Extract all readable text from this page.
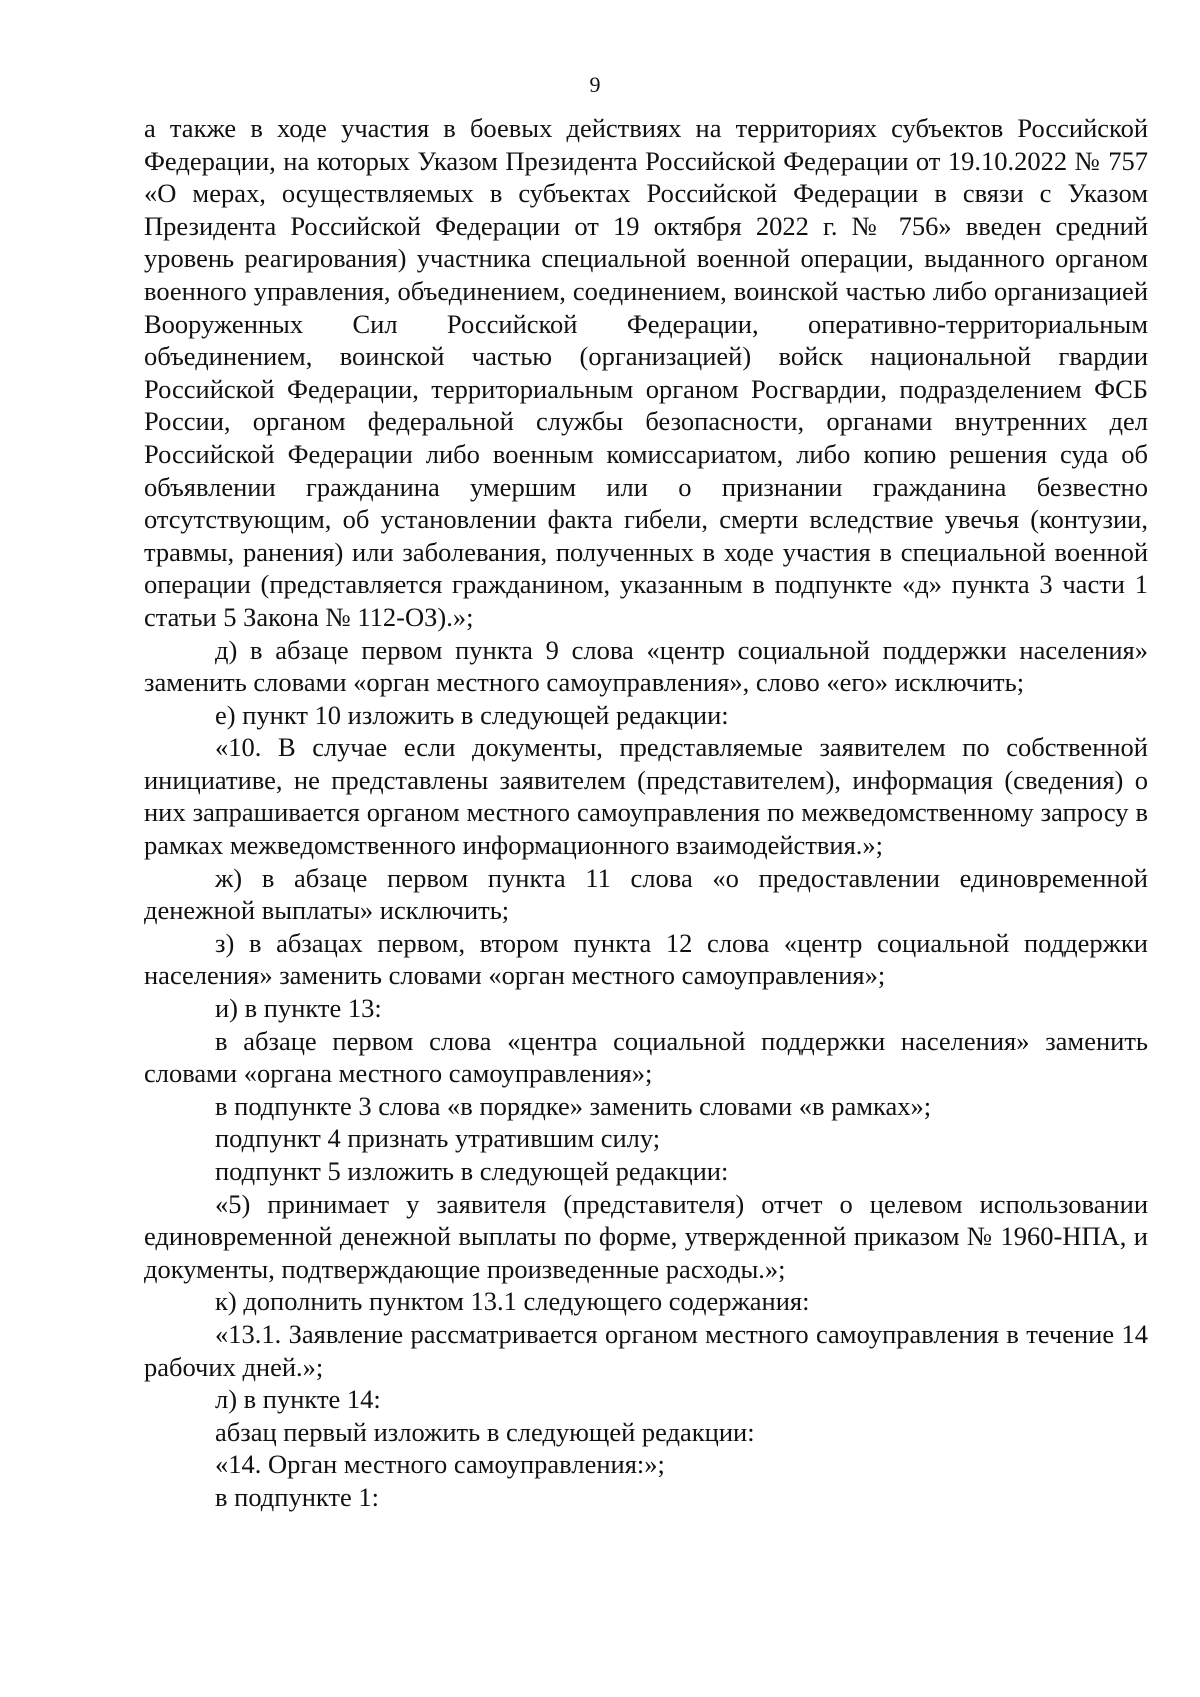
9

а также в ходе участия в боевых действиях на территориях субъектов Российской Федерации, на которых Указом Президента Российской Федерации от 19.10.2022 № 757 «О мерах, осуществляемых в субъектах Российской Федерации в связи с Указом Президента Российской Федерации от 19 октября 2022 г. № 756» введен средний уровень реагирования) участника специальной военной операции, выданного органом военного управления, объединением, соединением, воинской частью либо организацией Вооруженных Сил Российской Федерации, оперативно-территориальным объединением, воинской частью (организацией) войск национальной гвардии Российской Федерации, территориальным органом Росгвардии, подразделением ФСБ России, органом федеральной службы безопасности, органами внутренних дел Российской Федерации либо военным комиссариатом, либо копию решения суда об объявлении гражданина умершим или о признании гражданина безвестно отсутствующим, об установлении факта гибели, смерти вследствие увечья (контузии, травмы, ранения) или заболевания, полученных в ходе участия в специальной военной операции (представляется гражданином, указанным в подпункте «д» пункта 3 части 1 статьи 5 Закона № 112-ОЗ).»;

д) в абзаце первом пункта 9 слова «центр социальной поддержки населения» заменить словами «орган местного самоуправления», слово «его» исключить;

е) пункт 10 изложить в следующей редакции:

«10. В случае если документы, представляемые заявителем по собственной инициативе, не представлены заявителем (представителем), информация (сведения) о них запрашивается органом местного самоуправления по межведомственному запросу в рамках межведомственного информационного взаимодействия.»;

ж) в абзаце первом пункта 11 слова «о предоставлении единовременной денежной выплаты» исключить;

з) в абзацах первом, втором пункта 12 слова «центр социальной поддержки населения» заменить словами «орган местного самоуправления»;

и) в пункте 13:

в абзаце первом слова «центра социальной поддержки населения» заменить словами «органа местного самоуправления»;

в подпункте 3 слова «в порядке» заменить словами «в рамках»;

подпункт 4 признать утратившим силу;

подпункт 5 изложить в следующей редакции:

«5) принимает у заявителя (представителя) отчет о целевом использовании единовременной денежной выплаты по форме, утвержденной приказом № 1960-НПА, и документы, подтверждающие произведенные расходы.»;

к) дополнить пунктом 13.1 следующего содержания:

«13.1. Заявление рассматривается органом местного самоуправления в течение 14 рабочих дней.»;

л) в пункте 14:

абзац первый изложить в следующей редакции:

«14. Орган местного самоуправления:»;

в подпункте 1:
